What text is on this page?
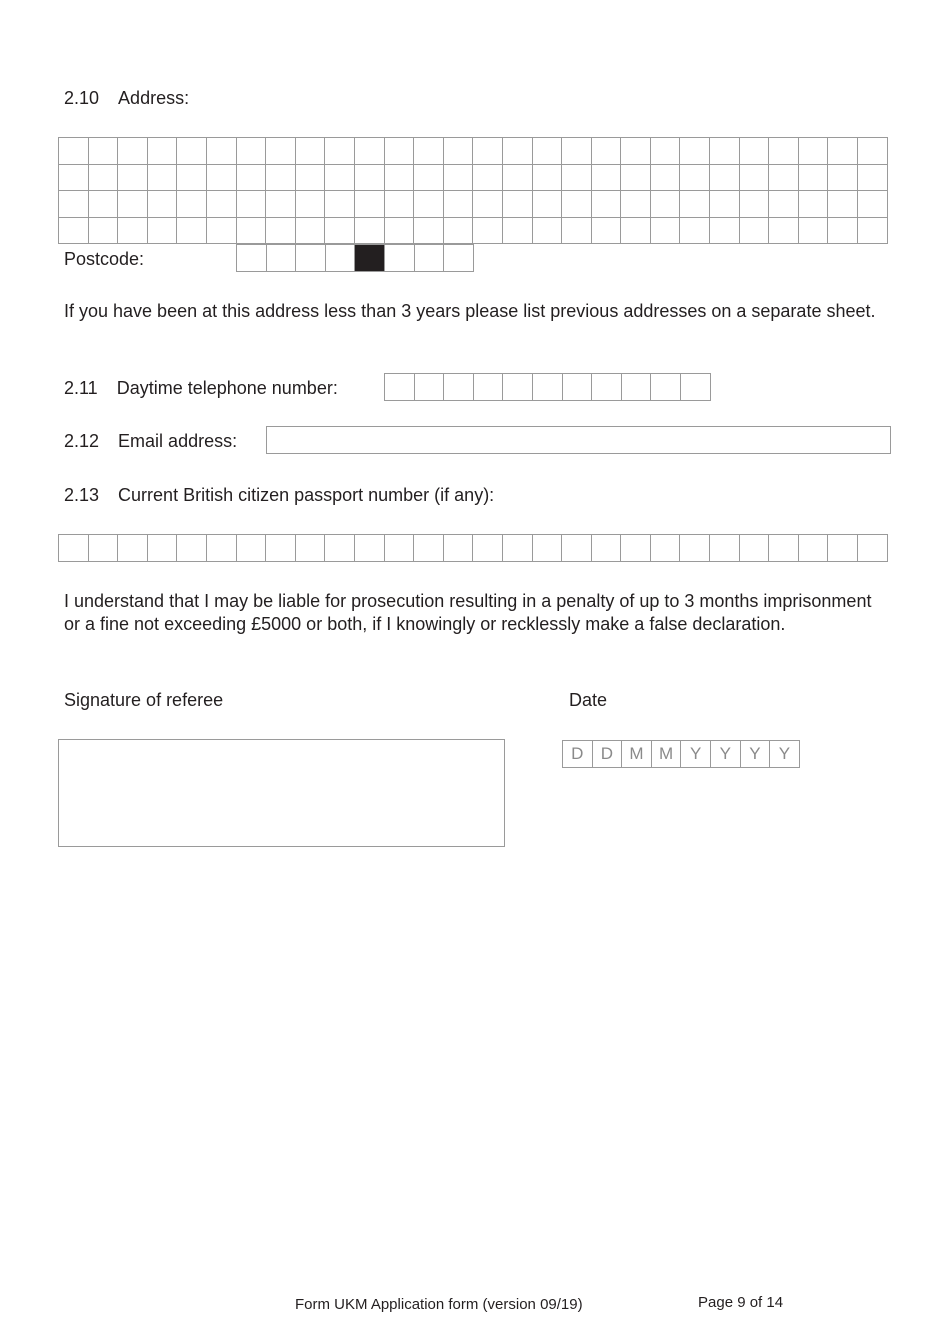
2.10 Address:
Postcode:
If you have been at this address less than 3 years please list previous addresses on a separate sheet.
2.11 Daytime telephone number:
2.12 Email address:
2.13 Current British citizen passport number (if any):
I understand that I may be liable for prosecution resulting in a penalty of up to 3 months imprisonment or a fine not exceeding £5000 or both, if I knowingly or recklessly make a false declaration.
Signature of referee	Date
D
D
M
M
Y
Y
Y
Y
Form UKM Application form (version 09/19)	Page 9 of 14
